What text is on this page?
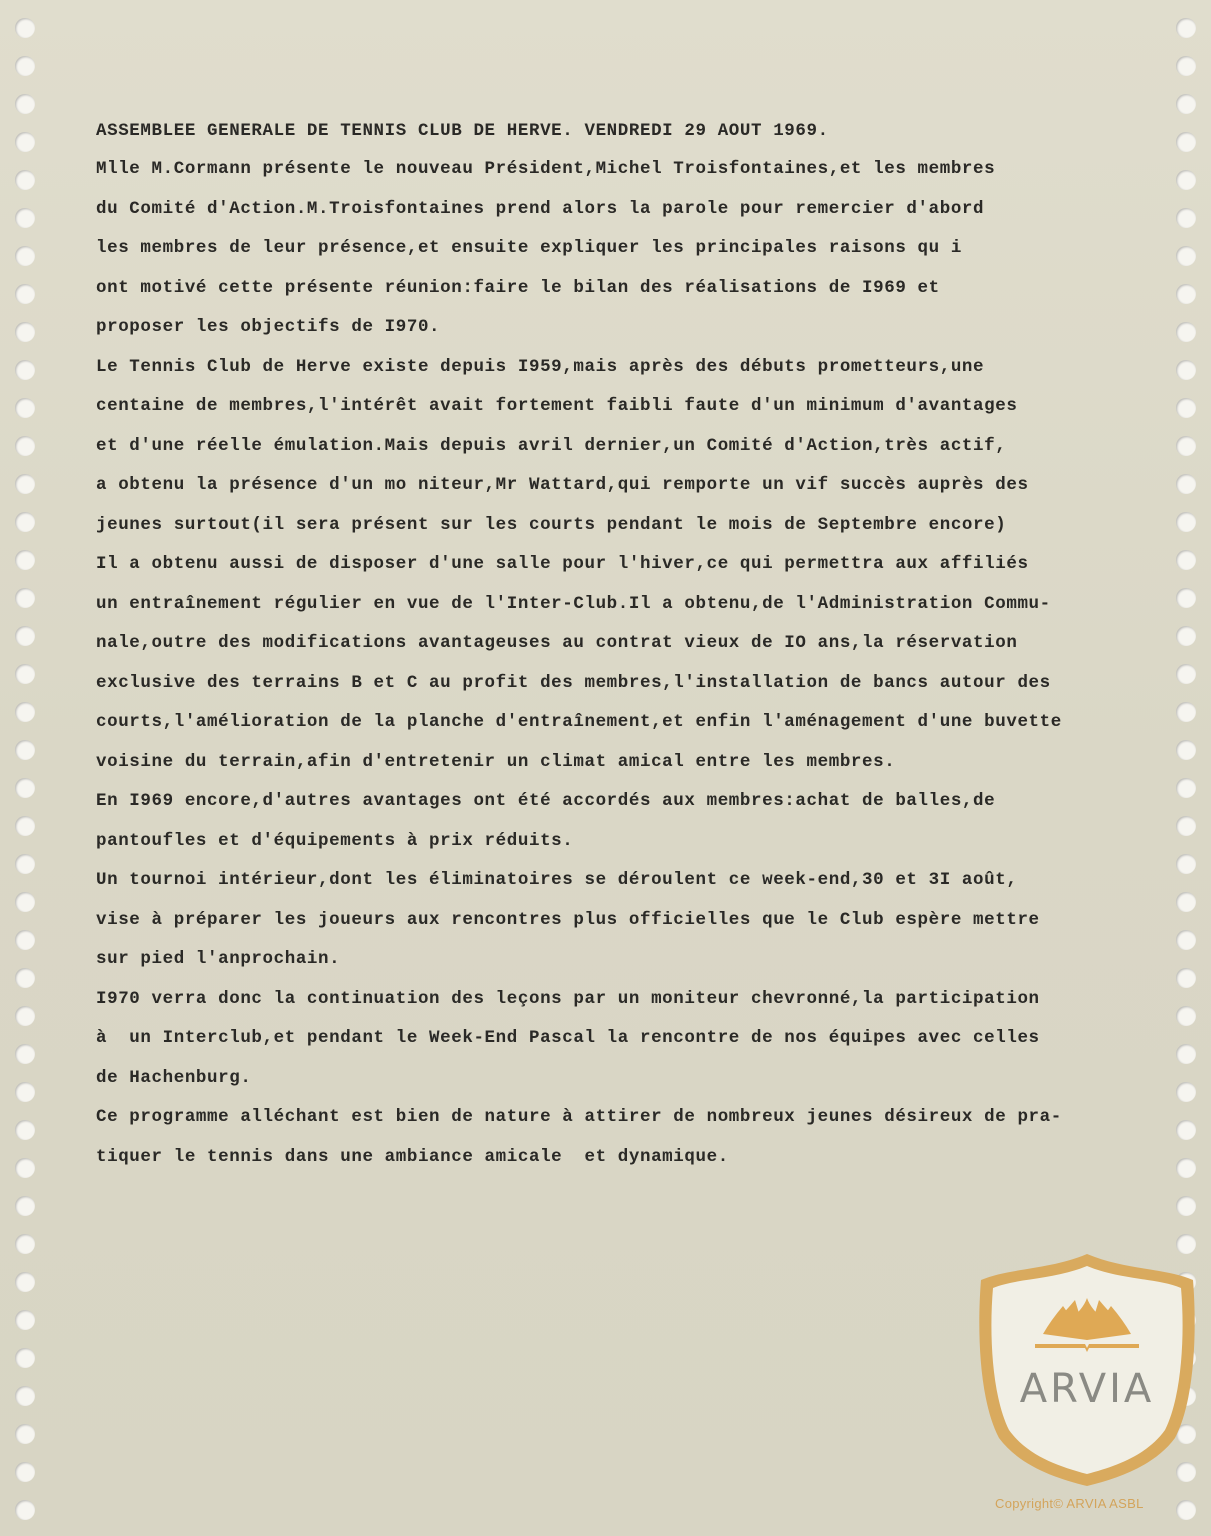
ASSEMBLEE GENERALE DE TENNIS CLUB DE HERVE. VENDREDI 29 AOUT 1969.
Mlle M.Cormann présente le nouveau Président,Michel Troisfontaines,et les membres
du Comité d'Action.M.Troisfontaines prend alors la parole pour remercier d'abord
les membres de leur présence,et ensuite expliquer les principales raisons qu i
ont motivé cette présente réunion:faire le bilan des réalisations de I969 et
proposer les objectifs de I970.
Le Tennis Club de Herve existe depuis I959,mais après des débuts prometteurs,une
centaine de membres,l'intérêt avait fortement faibli faute d'un minimum d'avantages
et d'une réelle émulation.Mais depuis avril dernier,un Comité d'Action,très actif,
a obtenu la présence d'un mo niteur,Mr Wattard,qui remporte un vif succès auprès des
jeunes surtout(il sera présent sur les courts pendant le mois de Septembre encore)
Il a obtenu aussi de disposer d'une salle pour l'hiver,ce qui permettra aux affiliés
un entraînement régulier en vue de l'Inter-Club.Il a obtenu,de l'Administration Commu-
nale,outre des modifications avantageuses au contrat vieux de IO ans,la réservation
exclusive des terrains B et C au profit des membres,l'installation de bancs autour des
courts,l'amélioration de la planche d'entraînement,et enfin l'aménagement d'une buvette
voisine du terrain,afin d'entretenir un climat amical entre les membres.
En I969 encore,d'autres avantages ont été accordés aux membres:achat de balles,de
pantoufles et d'équipements à prix réduits.
Un tournoi intérieur,dont les éliminatoires se déroulent ce week-end,30 et 3I août,
vise à préparer les joueurs aux rencontres plus officielles que le Club espère mettre
sur pied l'anprochain.
I970 verra donc la continuation des leçons par un moniteur chevronné,la participation
à  un Interclub,et pendant le Week-End Pascal la rencontre de nos équipes avec celles
de Hachenburg.
Ce programme alléchant est bien de nature à attirer de nombreux jeunes désireux de pra-
tiquer le tennis dans une ambiance amicale  et dynamique.
ARVIA
Copyright© ARVIA ASBL
